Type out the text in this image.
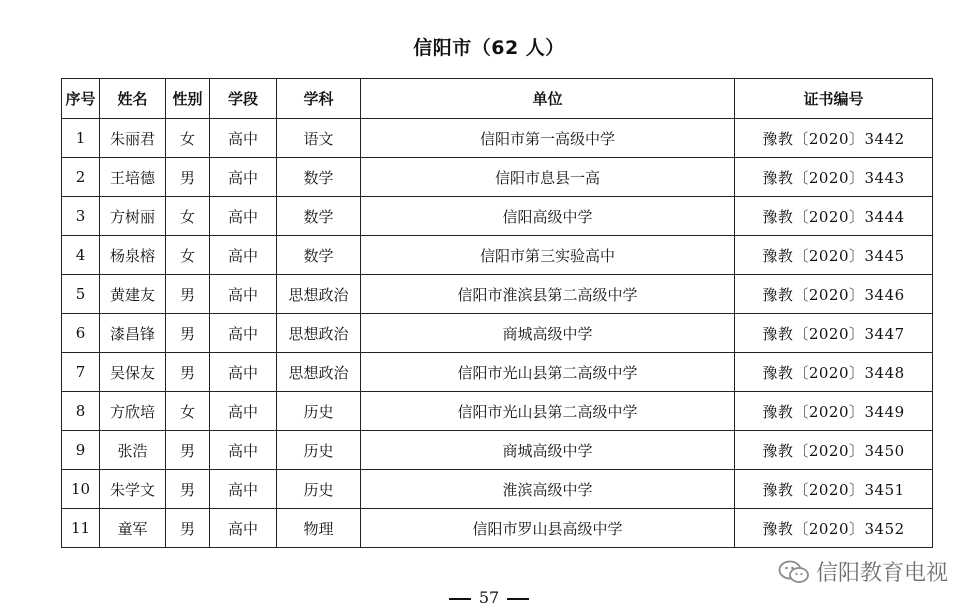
信阳市（62 人）
序号	姓名	性别	学段	学科	单位	证书编号
1	朱丽君	女	高中	语文	信阳市第一高级中学	豫教〔2020〕3442
2	王培德	男	高中	数学	信阳市息县一高	豫教〔2020〕3443
3	方树丽	女	高中	数学	信阳高级中学	豫教〔2020〕3444
4	杨泉榕	女	高中	数学	信阳市第三实验高中	豫教〔2020〕3445
5	黄建友	男	高中	思想政治	信阳市淮滨县第二高级中学	豫教〔2020〕3446
6	漆昌锋	男	高中	思想政治	商城高级中学	豫教〔2020〕3447
7	吴保友	男	高中	思想政治	信阳市光山县第二高级中学	豫教〔2020〕3448
8	方欣培	女	高中	历史	信阳市光山县第二高级中学	豫教〔2020〕3449
9	张浩	男	高中	历史	商城高级中学	豫教〔2020〕3450
10	朱学文	男	高中	历史	淮滨高级中学	豫教〔2020〕3451
11	童军	男	高中	物理	信阳市罗山县高级中学	豫教〔2020〕3452
57
信阳教育电视
